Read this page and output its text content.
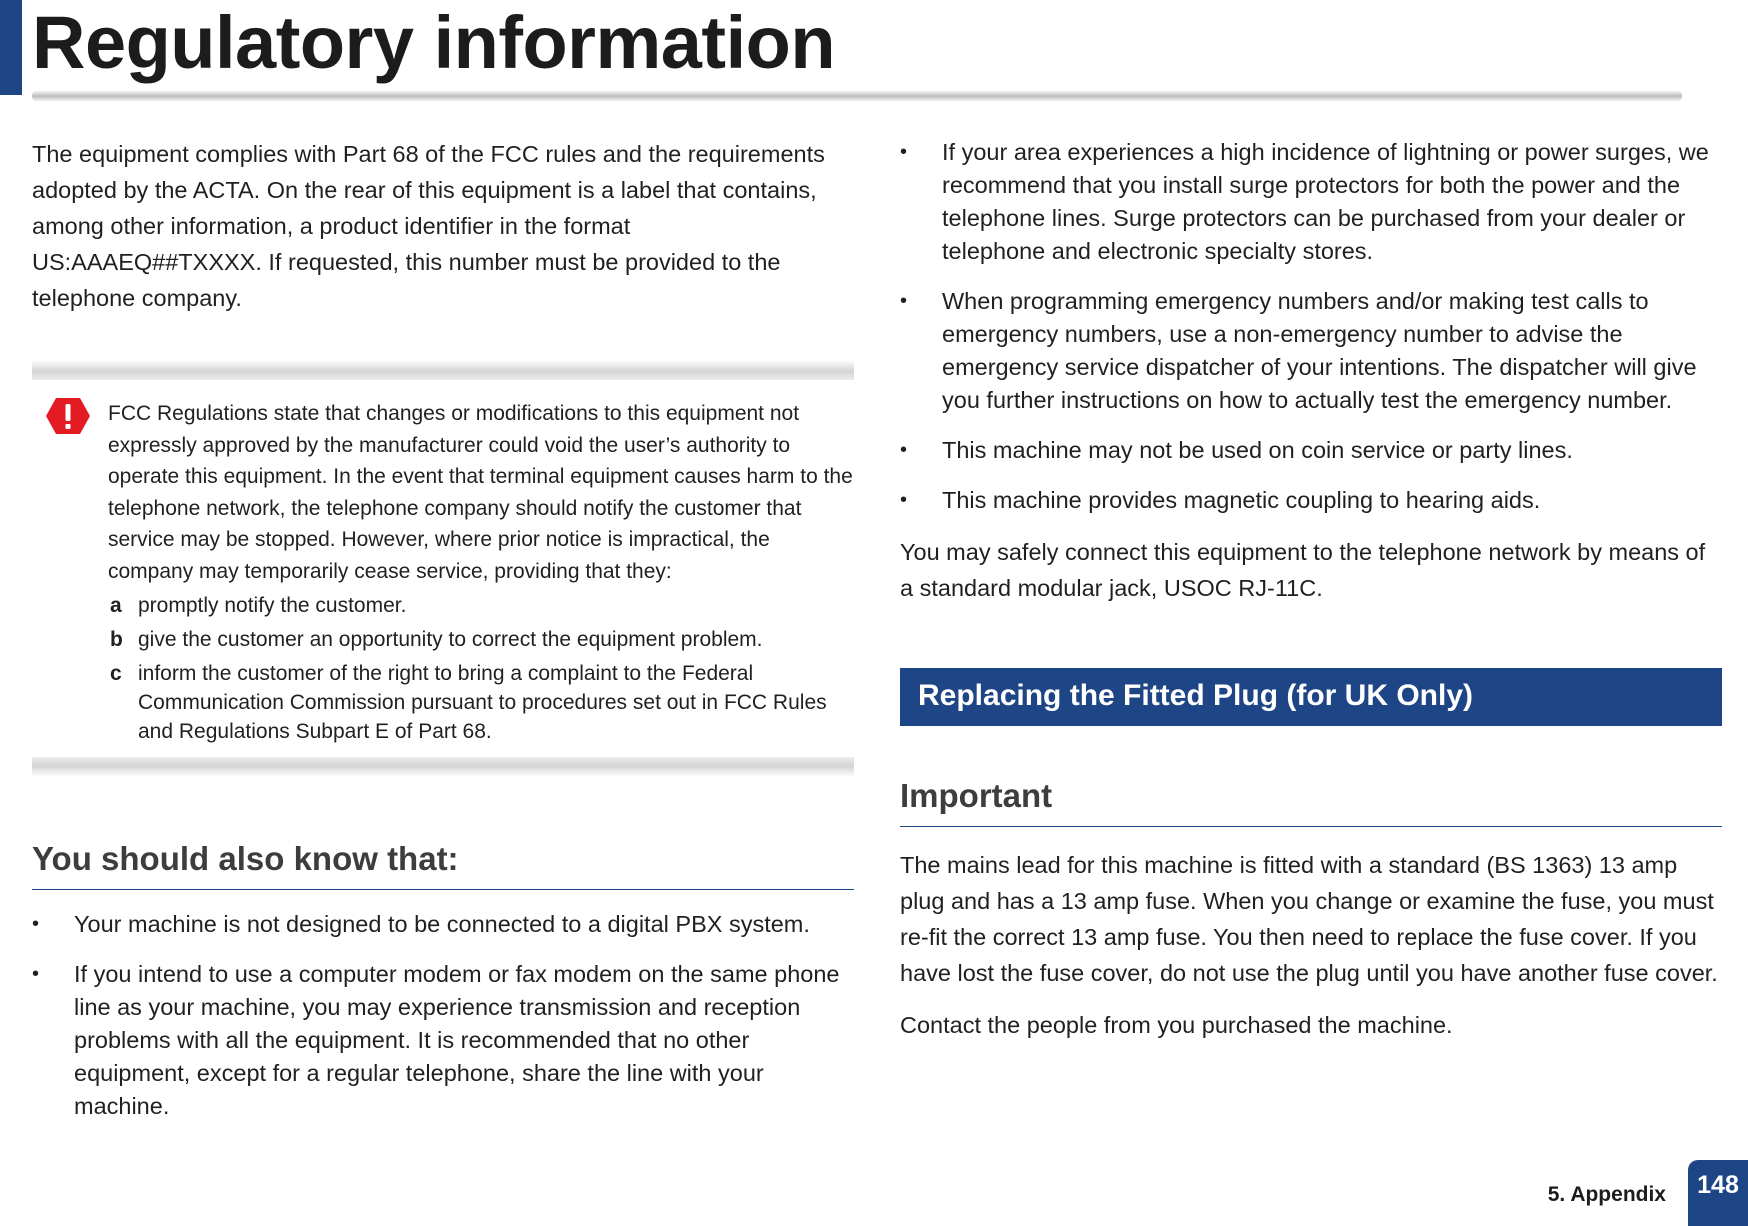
Regulatory information

The equipment complies with Part 68 of the FCC rules and the requirements adopted by the ACTA. On the rear of this equipment is a label that contains, among other information, a product identifier in the format US:AAAEQ##TXXXX. If requested, this number must be provided to the telephone company.

FCC Regulations state that changes or modifications to this equipment not expressly approved by the manufacturer could void the user’s authority to operate this equipment. In the event that terminal equipment causes harm to the telephone network, the telephone company should notify the customer that service may be stopped. However, where prior notice is impractical, the company may temporarily cease service, providing that they:

a promptly notify the customer.
b give the customer an opportunity to correct the equipment problem.
c inform the customer of the right to bring a complaint to the Federal Communication Commission pursuant to procedures set out in FCC Rules and Regulations Subpart E of Part 68.
You should also know that:
• Your machine is not designed to be connected to a digital PBX system.
• If you intend to use a computer modem or fax modem on the same phone line as your machine, you may experience transmission and reception problems with all the equipment. It is recommended that no other equipment, except for a regular telephone, share the line with your machine.
• If your area experiences a high incidence of lightning or power surges, we recommend that you install surge protectors for both the power and the telephone lines. Surge protectors can be purchased from your dealer or telephone and electronic specialty stores.
• When programming emergency numbers and/or making test calls to emergency numbers, use a non-emergency number to advise the emergency service dispatcher of your intentions. The dispatcher will give you further instructions on how to actually test the emergency number.
• This machine may not be used on coin service or party lines.
• This machine provides magnetic coupling to hearing aids.

You may safely connect this equipment to the telephone network by means of a standard modular jack, USOC RJ-11C.

Replacing the Fitted Plug (for UK Only)
Important

The mains lead for this machine is fitted with a standard (BS 1363) 13 amp plug and has a 13 amp fuse. When you change or examine the fuse, you must re-fit the correct 13 amp fuse. You then need to replace the fuse cover. If you have lost the fuse cover, do not use the plug until you have another fuse cover.

Contact the people from you purchased the machine.

5. Appendix	148
